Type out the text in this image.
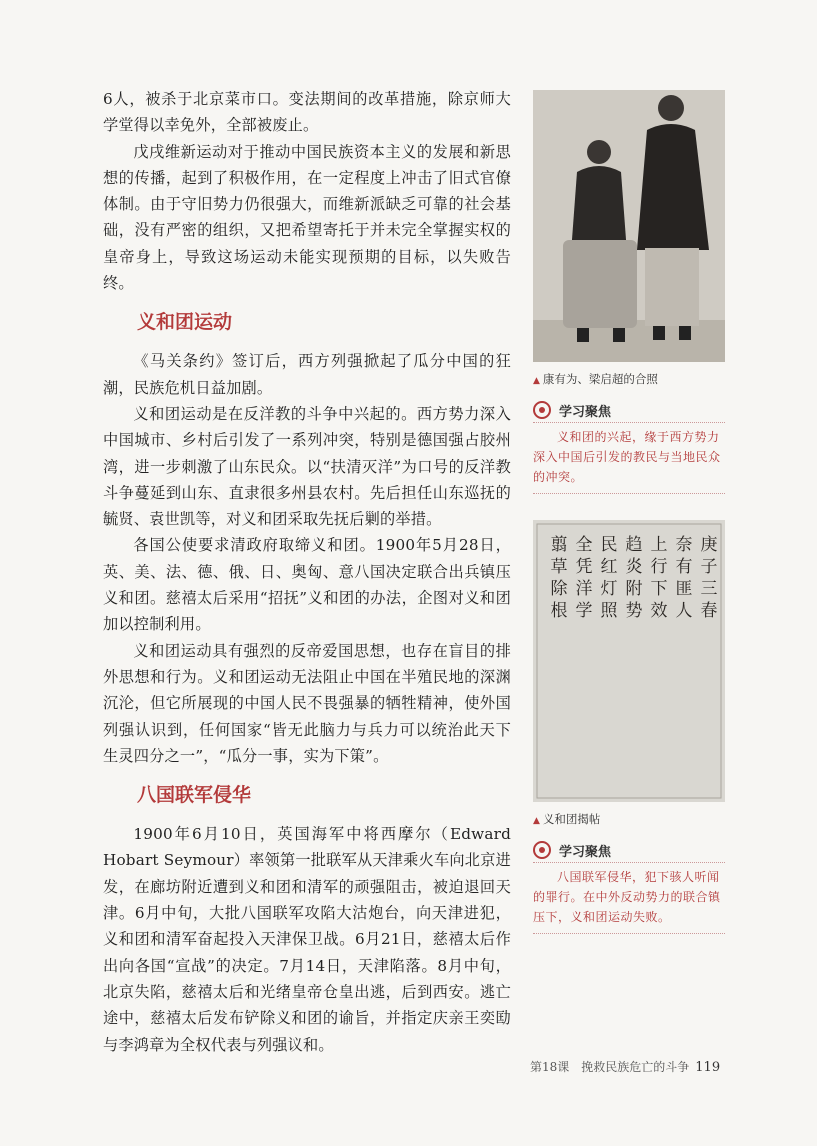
6人，被杀于北京菜市口。变法期间的改革措施，除京师大学堂得以幸免外，全部被废止。

戊戌维新运动对于推动中国民族资本主义的发展和新思想的传播，起到了积极作用，在一定程度上冲击了旧式官僚体制。由于守旧势力仍很强大，而维新派缺乏可靠的社会基础，没有严密的组织，又把希望寄托于并未完全掌握实权的皇帝身上，导致这场运动未能实现预期的目标，以失败告终。

义和团运动

《马关条约》签订后，西方列强掀起了瓜分中国的狂潮，民族危机日益加剧。

义和团运动是在反洋教的斗争中兴起的。西方势力深入中国城市、乡村后引发了一系列冲突，特别是德国强占胶州湾，进一步刺激了山东民众。以“扶清灭洋”为口号的反洋教斗争蔓延到山东、直隶很多州县农村。先后担任山东巡抚的毓贤、袁世凯等，对义和团采取先抚后剿的举措。

各国公使要求清政府取缔义和团。1900年5月28日，英、美、法、德、俄、日、奥匈、意八国决定联合出兵镇压义和团。慈禧太后采用“招抚”义和团的办法，企图对义和团加以控制利用。

义和团运动具有强烈的反帝爱国思想，也存在盲目的排外思想和行为。义和团运动无法阻止中国在半殖民地的深渊沉沦，但它所展现的中国人民不畏强暴的牺牲精神，使外国列强认识到，任何国家“皆无此脑力与兵力可以统治此天下生灵四分之一”，“瓜分一事，实为下策”。

八国联军侵华

1900年6月10日，英国海军中将西摩尔（Edward Hobart Seymour）率领第一批联军从天津乘火车向北京进发，在廊坊附近遭到义和团和清军的顽强阻击，被迫退回天津。6月中旬，大批八国联军攻陷大沽炮台，向天津进犯，义和团和清军奋起投入天津保卫战。6月21日，慈禧太后作出向各国“宣战”的决定。7月14日，天津陷落。8月中旬，北京失陷，慈禧太后和光绪皇帝仓皇出逃，后到西安。逃亡途中，慈禧太后发布铲除义和团的谕旨，并指定庆亲王奕劻与李鸿章为全权代表与列强议和。

▲ 康有为、梁启超的合照

学习聚焦

义和团的兴起，缘于西方势力深入中国后引发的教民与当地民众的冲突。

庚
子
三
春
奈
有
匪
人
上
行
下
效
趋
炎
附
势
民
红
灯
照
全
凭
洋
学
翦
草
除
根

▲ 义和团揭帖

学习聚焦

八国联军侵华，犯下骇人听闻的罪行。在中外反动势力的联合镇压下，义和团运动失败。

第18课　挽救民族危亡的斗争 119
